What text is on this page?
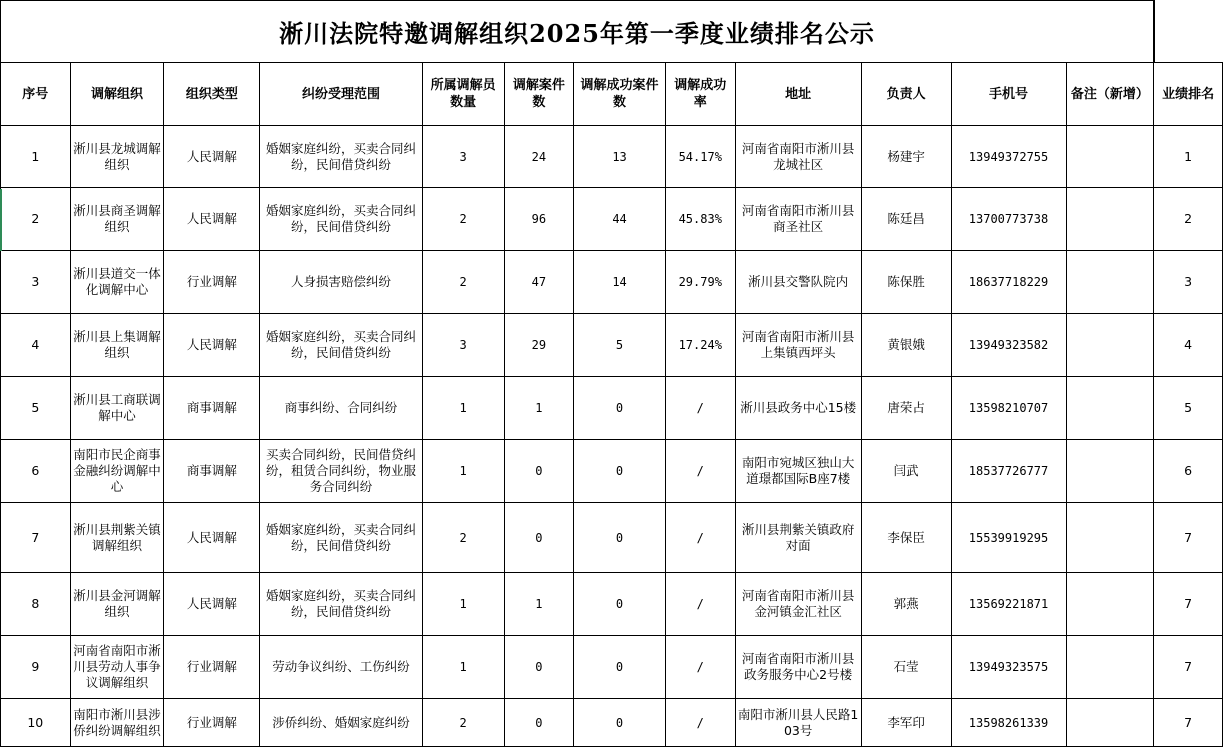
淅川法院特邀调解组织2025年第一季度业绩排名公示
序号	调解组织	组织类型	纠纷受理范围	所属调解员数量	调解案件数	调解成功案件数	调解成功率	地址	负责人	手机号	备注（新增）	业绩排名
1	淅川县龙城调解组织	人民调解	婚姻家庭纠纷，买卖合同纠纷，民间借贷纠纷	3	24	13	54.17%	河南省南阳市淅川县龙城社区	杨建宇	13949372755		1
2	淅川县商圣调解组织	人民调解	婚姻家庭纠纷，买卖合同纠纷，民间借贷纠纷	2	96	44	45.83%	河南省南阳市淅川县商圣社区	陈廷昌	13700773738		2
3	淅川县道交一体化调解中心	行业调解	人身损害赔偿纠纷	2	47	14	29.79%	淅川县交警队院内	陈保胜	18637718229		3
4	淅川县上集调解组织	人民调解	婚姻家庭纠纷，买卖合同纠纷，民间借贷纠纷	3	29	5	17.24%	河南省南阳市淅川县上集镇西坪头	黄银娥	13949323582		4
5	淅川县工商联调解中心	商事调解	商事纠纷、合同纠纷	1	1	0	/	淅川县政务中心15楼	唐荣占	13598210707		5
6	南阳市民企商事金融纠纷调解中心	商事调解	买卖合同纠纷，民间借贷纠纷，租赁合同纠纷，物业服务合同纠纷	1	0	0	/	南阳市宛城区独山大道璟都国际B座7楼	闫武	18537726777		6
7	淅川县荆紫关镇调解组织	人民调解	婚姻家庭纠纷，买卖合同纠纷，民间借贷纠纷	2	0	0	/	淅川县荆紫关镇政府对面	李保臣	15539919295		7
8	淅川县金河调解组织	人民调解	婚姻家庭纠纷，买卖合同纠纷，民间借贷纠纷	1	1	0	/	河南省南阳市淅川县金河镇金汇社区	郭燕	13569221871		7
9	河南省南阳市淅川县劳动人事争议调解组织	行业调解	劳动争议纠纷、工伤纠纷	1	0	0	/	河南省南阳市淅川县政务服务中心2号楼	石莹	13949323575		7
10	南阳市淅川县涉侨纠纷调解组织	行业调解	涉侨纠纷、婚姻家庭纠纷	2	0	0	/	南阳市淅川县人民路103号	李军印	13598261339		7
